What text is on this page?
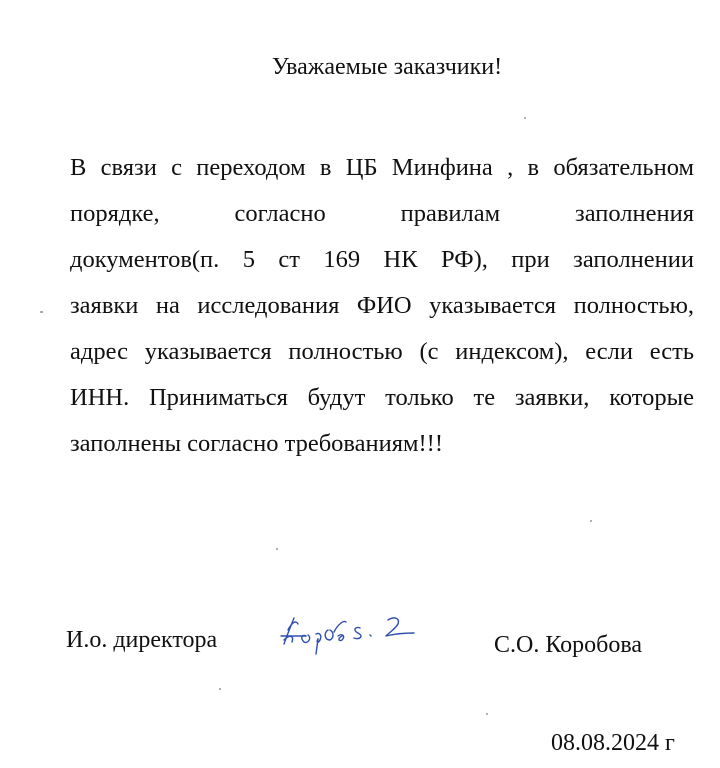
Уважаемые заказчики!
В связи с переходом в ЦБ Минфина , в обязательном
порядке, согласно правилам заполнения
документов(п. 5 ст 169 НК РФ), при заполнении
заявки на исследования ФИО указывается полностью,
адрес указывается полностью (с индексом), если есть
ИНН. Приниматься будут только те заявки, которые
заполнены согласно требованиям!!!
И.о. директора	С.О. Коробова
08.08.2024 г
